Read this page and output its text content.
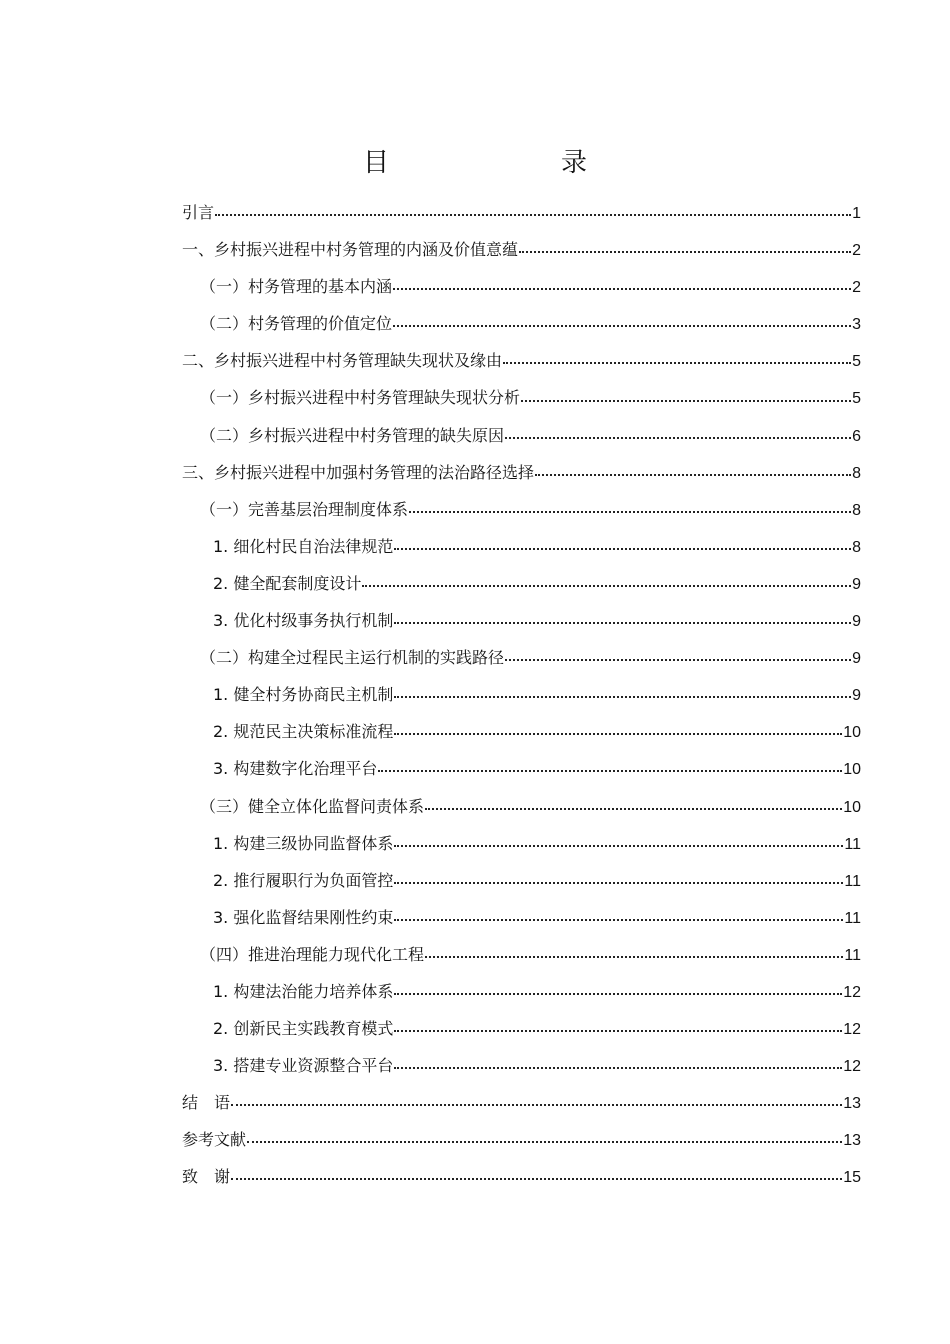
目　　录
引言	1
一、乡村振兴进程中村务管理的内涵及价值意蕴	2
（一）村务管理的基本内涵	2
（二）村务管理的价值定位	3
二、乡村振兴进程中村务管理缺失现状及缘由	5
（一）乡村振兴进程中村务管理缺失现状分析	5
（二）乡村振兴进程中村务管理的缺失原因	6
三、乡村振兴进程中加强村务管理的法治路径选择	8
（一）完善基层治理制度体系	8
1. 细化村民自治法律规范	8
2. 健全配套制度设计	9
3. 优化村级事务执行机制	9
（二）构建全过程民主运行机制的实践路径	9
1. 健全村务协商民主机制	9
2. 规范民主决策标准流程	10
3. 构建数字化治理平台	10
（三）健全立体化监督问责体系	10
1. 构建三级协同监督体系	11
2. 推行履职行为负面管控	11
3. 强化监督结果刚性约束	11
（四）推进治理能力现代化工程	11
1. 构建法治能力培养体系	12
2. 创新民主实践教育模式	12
3. 搭建专业资源整合平台	12
结　语	13
参考文献	13
致　谢	15
